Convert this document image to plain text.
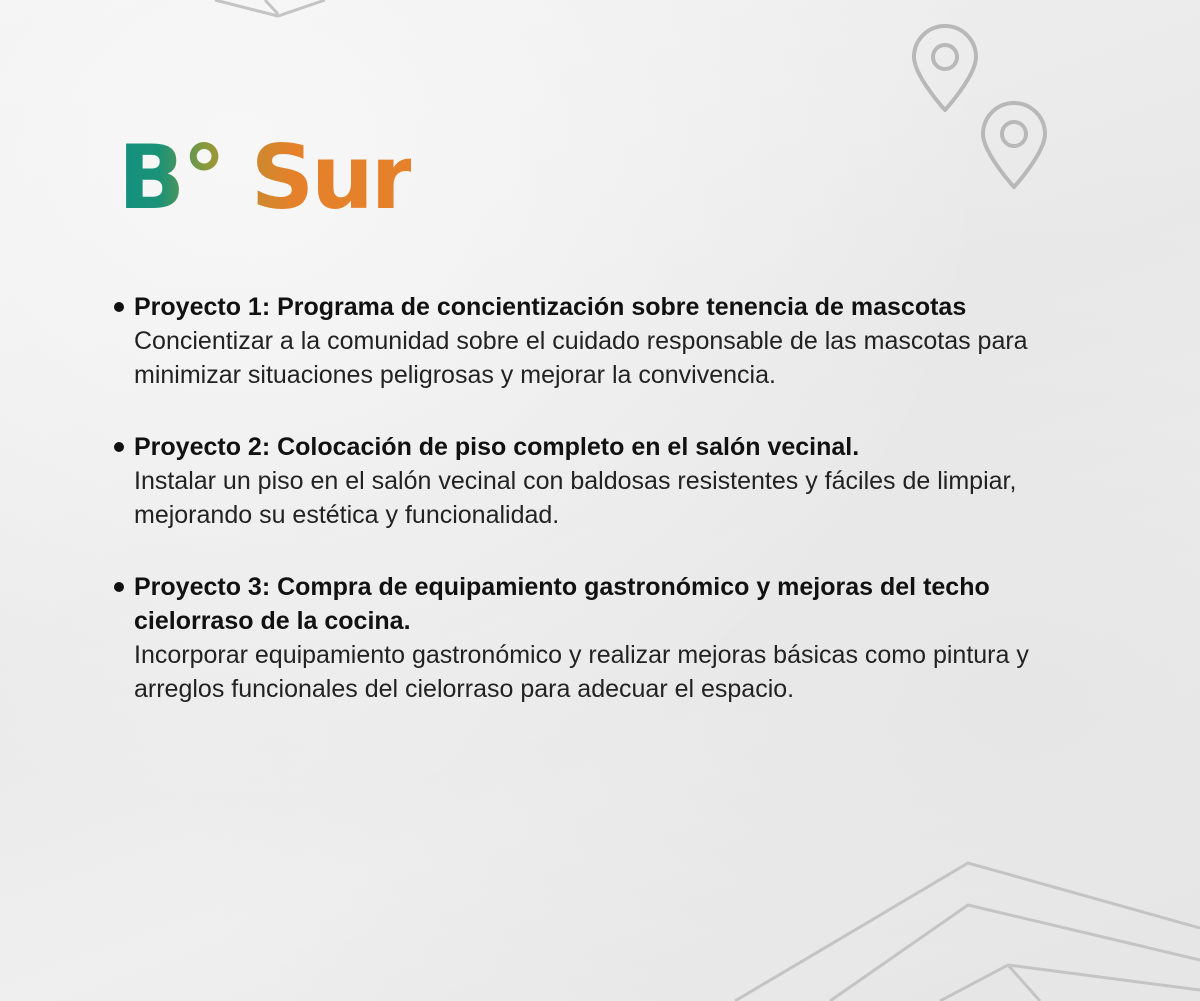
B° Sur
Proyecto 1: Programa de concientización sobre tenencia de mascotas
Concientizar a la comunidad sobre el cuidado responsable de las mascotas para minimizar situaciones peligrosas y mejorar la convivencia.
Proyecto 2: Colocación de piso completo en el salón vecinal.
Instalar un piso en el salón vecinal con baldosas resistentes y fáciles de limpiar, mejorando su estética y funcionalidad.
Proyecto 3: Compra de equipamiento gastronómico y mejoras del techo cielorraso de la cocina.
Incorporar equipamiento gastronómico y realizar mejoras básicas como pintura y arreglos funcionales del cielorraso para adecuar el espacio.
